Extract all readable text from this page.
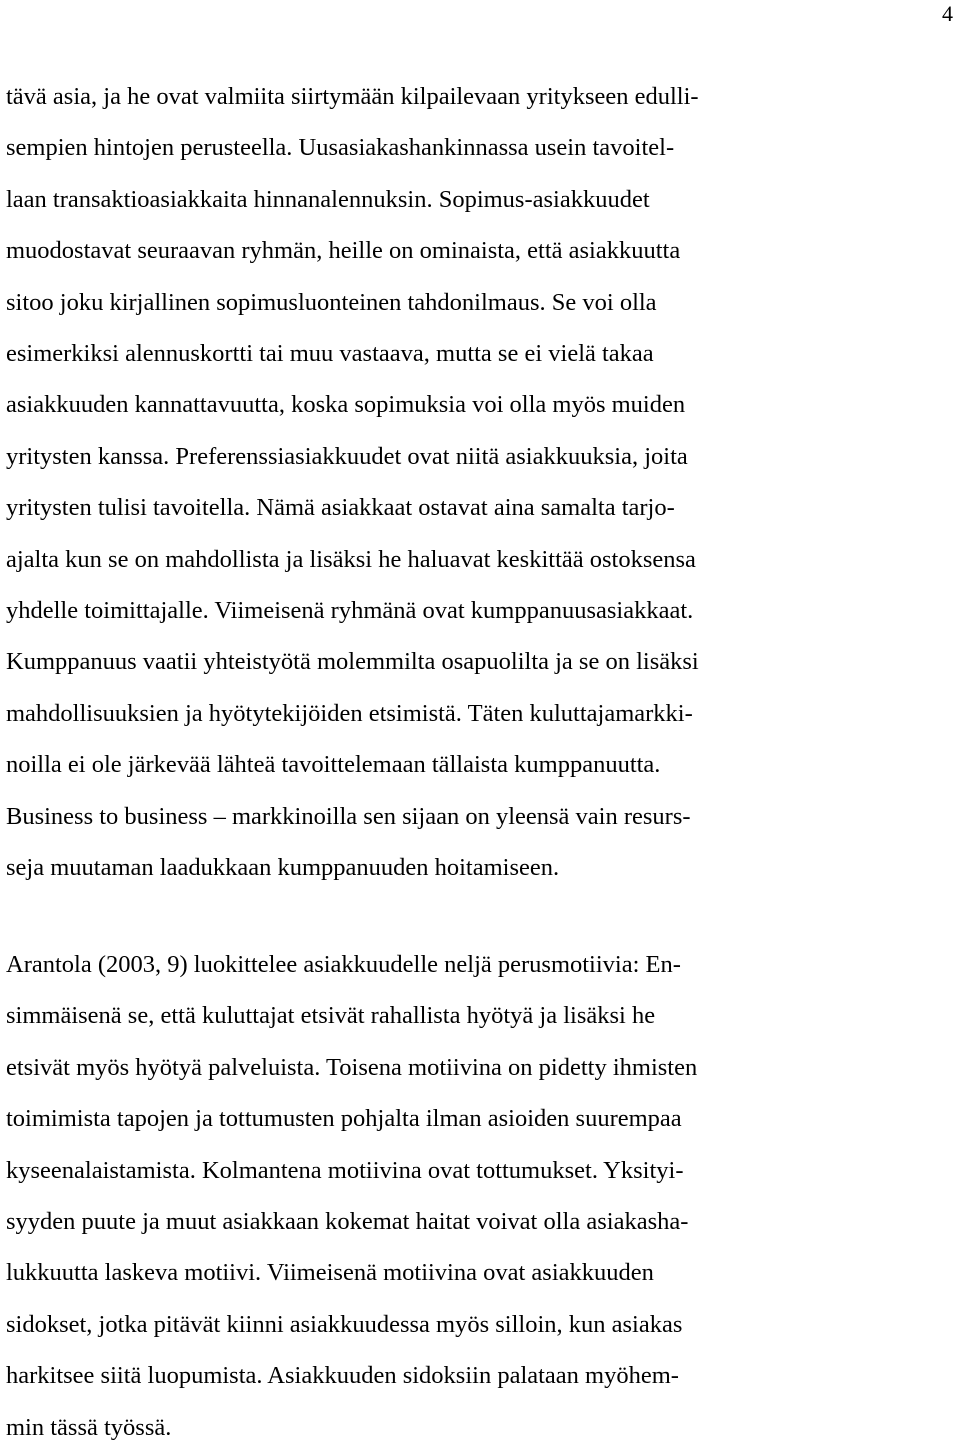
4
tävä asia, ja he ovat valmiita siirtymään kilpailevaan yritykseen edulli-
sempien hintojen perusteella. Uusasiakashankinnassa usein tavoitel-
laan transaktioasiakkaita hinnanalennuksin. Sopimus-asiakkuudet
muodostavat seuraavan ryhmän, heille on ominaista, että asiakkuutta
sitoo joku kirjallinen sopimusluonteinen tahdonilmaus. Se voi olla
esimerkiksi alennuskortti tai muu vastaava, mutta se ei vielä takaa
asiakkuuden kannattavuutta, koska sopimuksia voi olla myös muiden
yritysten kanssa. Preferenssiasiakkuudet ovat niitä asiakkuuksia, joita
yritysten tulisi tavoitella. Nämä asiakkaat ostavat aina samalta tarjo-
ajalta kun se on mahdollista ja lisäksi he haluavat keskittää ostoksensa
yhdelle toimittajalle. Viimeisenä ryhmänä ovat kumppanuusasiakkaat.
Kumppanuus vaatii yhteistyötä molemmilta osapuolilta ja se on lisäksi
mahdollisuuksien ja hyötytekijöiden etsimistä. Täten kuluttajamarkki-
noilla ei ole järkevää lähteä tavoittelemaan tällaista kumppanuutta.
Business to business – markkinoilla sen sijaan on yleensä vain resurs-
seja muutaman laadukkaan kumppanuuden hoitamiseen.
Arantola (2003, 9) luokittelee asiakkuudelle neljä perusmotiivia: En-
simmäisenä se, että kuluttajat etsivät rahallista hyötyä ja lisäksi he
etsivät myös hyötyä palveluista. Toisena motiivina on pidetty ihmisten
toimimista tapojen ja tottumusten pohjalta ilman asioiden suurempaa
kyseenalaistamista. Kolmantena motiivina ovat tottumukset. Yksityi-
syyden puute ja muut asiakkaan kokemat haitat voivat olla asiakasha-
lukkuutta laskeva motiivi. Viimeisenä motiivina ovat asiakkuuden
sidokset, jotka pitävät kiinni asiakkuudessa myös silloin, kun asiakas
harkitsee siitä luopumista. Asiakkuuden sidoksiin palataan myöhem-
min tässä työssä.
